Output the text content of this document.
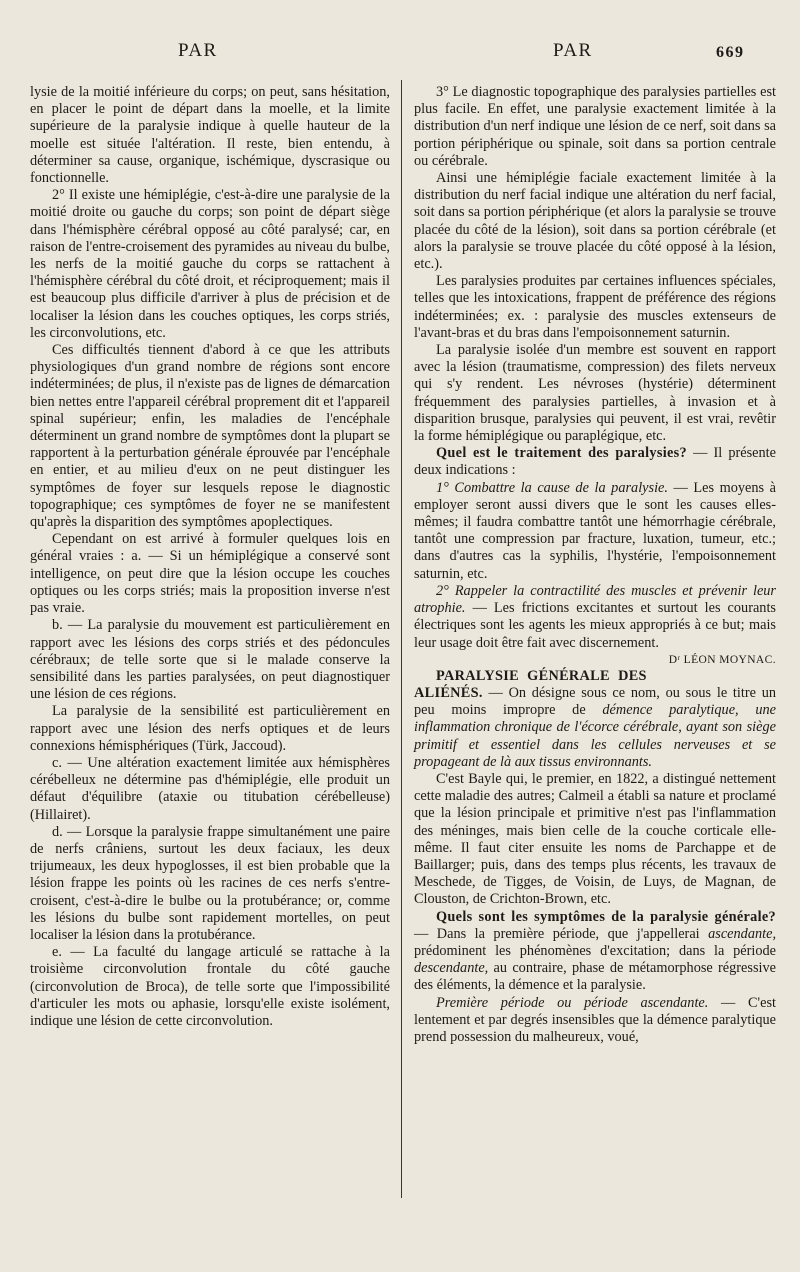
PAR	PAR	669

lysie de la moitié inférieure du corps; on peut, sans hésitation, en placer le point de départ dans la moelle, et la limite supérieure de la paralysie indique à quelle hauteur de la moelle est située l'altération. Il reste, bien entendu, à déterminer sa cause, organique, ischémique, dyscrasique ou fonctionnelle.

2° Il existe une hémiplégie, c'est-à-dire une paralysie de la moitié droite ou gauche du corps; son point de départ siège dans l'hémisphère cérébral opposé au côté paralysé; car, en raison de l'entre-croisement des pyramides au niveau du bulbe, les nerfs de la moitié gauche du corps se rattachent à l'hémisphère cérébral du côté droit, et réciproquement; mais il est beaucoup plus difficile d'arriver à plus de précision et de localiser la lésion dans les couches optiques, les corps striés, les circonvolutions, etc.

Ces difficultés tiennent d'abord à ce que les attributs physiologiques d'un grand nombre de régions sont encore indéterminées; de plus, il n'existe pas de lignes de démarcation bien nettes entre l'appareil cérébral proprement dit et l'appareil spinal supérieur; enfin, les maladies de l'encéphale déterminent un grand nombre de symptômes dont la plupart se rapportent à la perturbation générale éprouvée par l'encéphale en entier, et au milieu d'eux on ne peut distinguer les symptômes de foyer sur lesquels repose le diagnostic topographique; ces symptômes de foyer ne se manifestent qu'après la disparition des symptômes apoplectiques.

Cependant on est arrivé à formuler quelques lois en général vraies : a. — Si un hémiplégique a conservé sont intelligence, on peut dire que la lésion occupe les couches optiques ou les corps striés; mais la proposition inverse n'est pas vraie.

b. — La paralysie du mouvement est particulièrement en rapport avec les lésions des corps striés et des pédoncules cérébraux; de telle sorte que si le malade conserve la sensibilité dans les parties paralysées, on peut diagnostiquer une lésion de ces régions.

La paralysie de la sensibilité est particulièrement en rapport avec une lésion des nerfs optiques et de leurs connexions hémisphériques (Türk, Jaccoud).

c. — Une altération exactement limitée aux hémisphères cérébelleux ne détermine pas d'hémiplégie, elle produit un défaut d'équilibre (ataxie ou titubation cérébelleuse) (Hillairet).

d. — Lorsque la paralysie frappe simultanément une paire de nerfs crâniens, surtout les deux faciaux, les deux trijumeaux, les deux hypoglosses, il est bien probable que la lésion frappe les points où les racines de ces nerfs s'entre-croisent, c'est-à-dire le bulbe ou la protubérance; or, comme les lésions du bulbe sont rapidement mortelles, on peut localiser la lésion dans la protubérance.

e. — La faculté du langage articulé se rattache à la troisième circonvolution frontale du côté gauche (circonvolution de Broca), de telle sorte que l'impossibilité d'articuler les mots ou aphasie, lorsqu'elle existe isolément, indique une lésion de cette circonvolution.

3° Le diagnostic topographique des paralysies partielles est plus facile. En effet, une paralysie exactement limitée à la distribution d'un nerf indique une lésion de ce nerf, soit dans sa portion périphérique ou spinale, soit dans sa portion centrale ou cérébrale.

Ainsi une hémiplégie faciale exactement limitée à la distribution du nerf facial indique une altération du nerf facial, soit dans sa portion périphérique (et alors la paralysie se trouve placée du côté de la lésion), soit dans sa portion cérébrale (et alors la paralysie se trouve placée du côté opposé à la lésion, etc.).

Les paralysies produites par certaines influences spéciales, telles que les intoxications, frappent de préférence des régions indéterminées; ex. : paralysie des muscles extenseurs de l'avant-bras et du bras dans l'empoisonnement saturnin.

La paralysie isolée d'un membre est souvent en rapport avec la lésion (traumatisme, compression) des filets nerveux qui s'y rendent. Les névroses (hystérie) déterminent fréquemment des paralysies partielles, à invasion et à disparition brusque, paralysies qui peuvent, il est vrai, revêtir la forme hémiplégique ou paraplégique, etc.

Quel est le traitement des paralysies? — Il présente deux indications :

1° Combattre la cause de la paralysie. — Les moyens à employer seront aussi divers que le sont les causes elles-mêmes; il faudra combattre tantôt une hémorrhagie cérébrale, tantôt une compression par fracture, luxation, tumeur, etc.; dans d'autres cas la syphilis, l'hystérie, l'empoisonnement saturnin, etc.

2° Rappeler la contractilité des muscles et prévenir leur atrophie. — Les frictions excitantes et surtout les courants électriques sont les agents les mieux appropriés à ce but; mais leur usage doit être fait avec discernement.
Dʳ LÉON MOYNAC.

PARALYSIE GÉNÉRALE DES ALIÉNÉS. — On désigne sous ce nom, ou sous le titre un peu moins impropre de démence paralytique, une inflammation chronique de l'écorce cérébrale, ayant son siège primitif et essentiel dans les cellules nerveuses et se propageant de là aux tissus environnants.

C'est Bayle qui, le premier, en 1822, a distingué nettement cette maladie des autres; Calmeil a établi sa nature et proclamé que la lésion principale et primitive n'est pas l'inflammation des méninges, mais bien celle de la couche corticale elle-même. Il faut citer ensuite les noms de Parchappe et de Baillarger; puis, dans des temps plus récents, les travaux de Meschede, de Tigges, de Voisin, de Luys, de Magnan, de Clouston, de Crichton-Brown, etc.

Quels sont les symptômes de la paralysie générale? — Dans la première période, que j'appellerai ascendante, prédominent les phénomènes d'excitation; dans la période descendante, au contraire, phase de métamorphose régressive des éléments, la démence et la paralysie.

Première période ou période ascendante. — C'est lentement et par degrés insensibles que la démence paralytique prend possession du malheureux, voué,
